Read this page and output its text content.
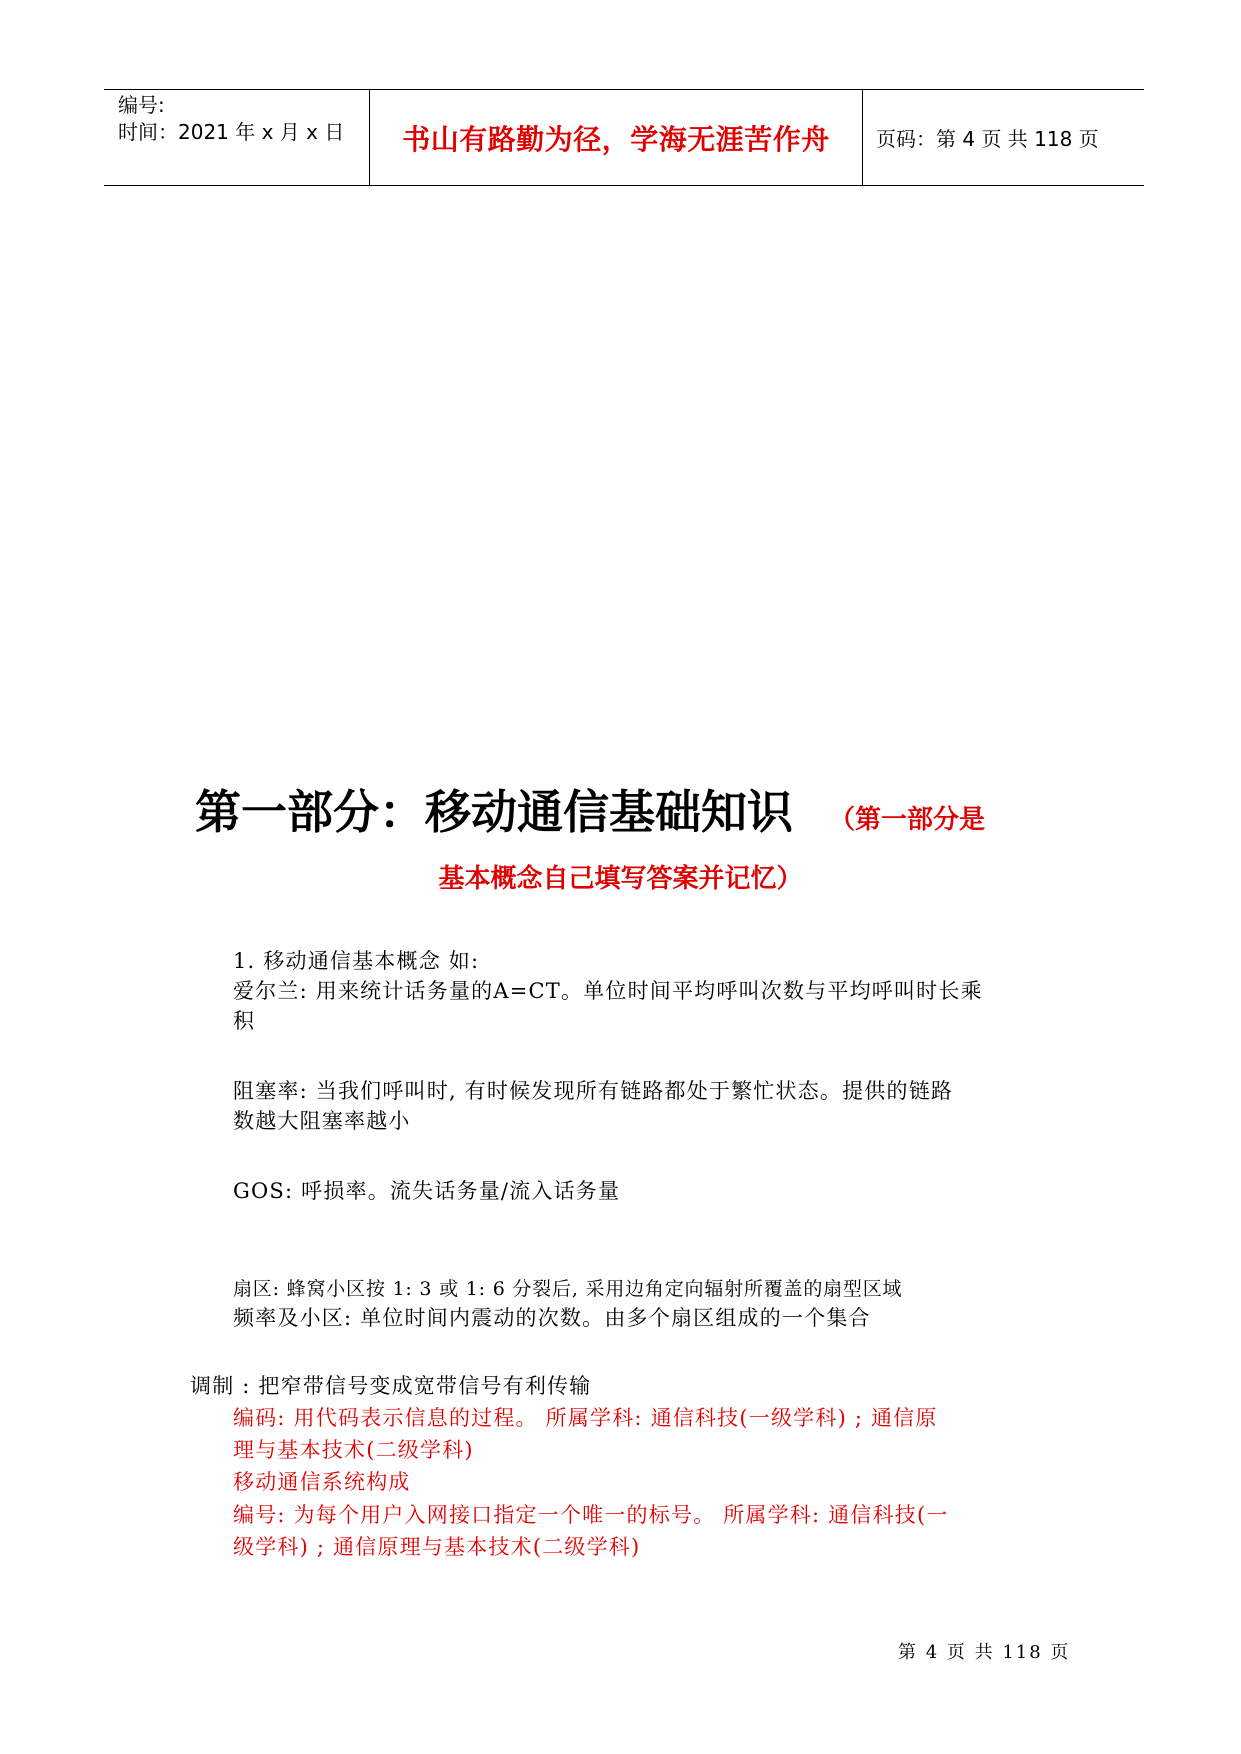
编号:
时间：2021 年 x 月 x 日	书山有路勤为径，学海无涯苦作舟	页码：第 4 页 共 118 页
第一部分：移动通信基础知识 （第一部分是
基本概念自己填写答案并记忆）
1. 移动通信基本概念 如:
爱尔兰: 用来统计话务量的A=CT。单位时间平均呼叫次数与平均呼叫时长乘
积
阻塞率: 当我们呼叫时, 有时候发现所有链路都处于繁忙状态。提供的链路
数越大阻塞率越小
GOS: 呼损率。流失话务量/流入话务量
扇区: 蜂窝小区按 1: 3 或 1: 6 分裂后, 采用边角定向辐射所覆盖的扇型区域
频率及小区: 单位时间内震动的次数。由多个扇区组成的一个集合
调制 : 把窄带信号变成宽带信号有利传输
编码: 用代码表示信息的过程。 所属学科: 通信科技(一级学科) ; 通信原
理与基本技术(二级学科)
移动通信系统构成
编号: 为每个用户入网接口指定一个唯一的标号。 所属学科: 通信科技(一
级学科) ; 通信原理与基本技术(二级学科)
第 4 页 共 118 页
